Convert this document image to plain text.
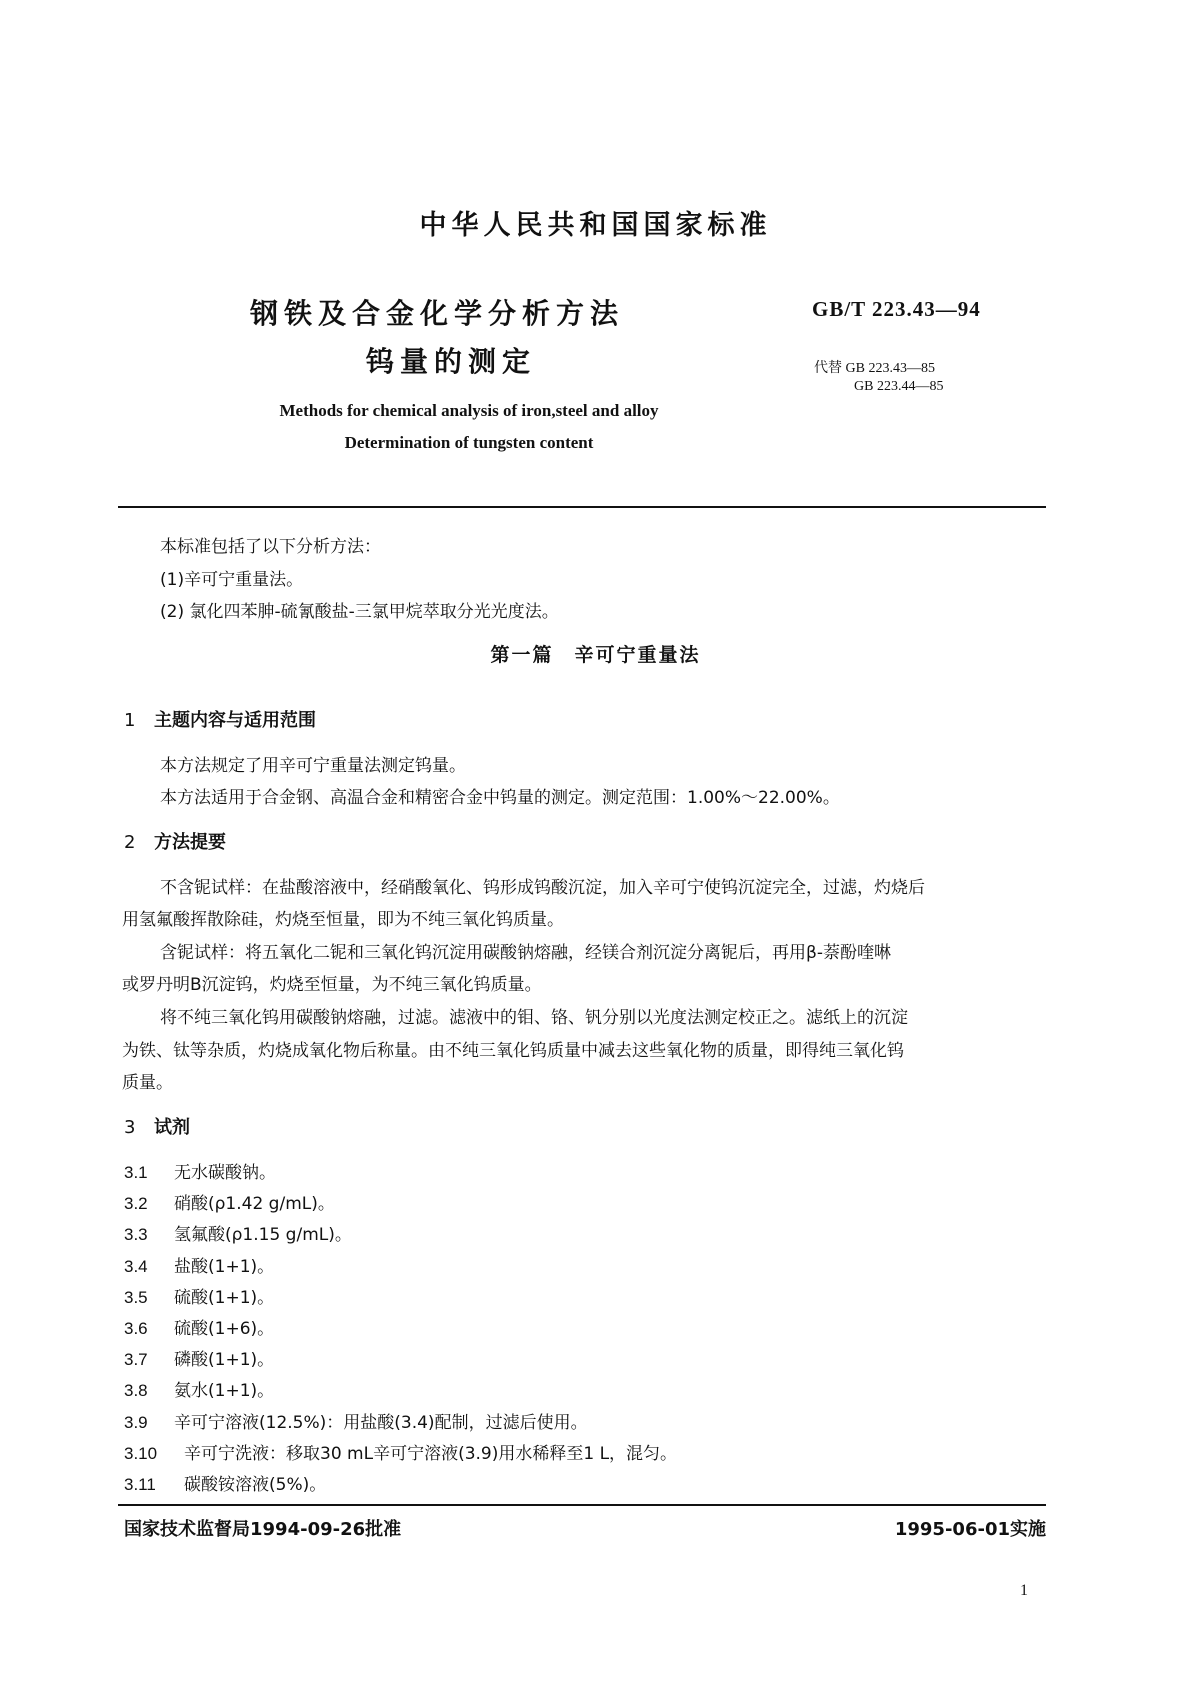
中华人民共和国国家标准
钢铁及合金化学分析方法
钨量的测定
GB/T 223.43—94
代替 GB 223.43—85
GB 223.44—85
Methods for chemical analysis of iron,steel and alloy
Determination of tungsten content
本标准包括了以下分析方法：
(1)辛可宁重量法。
(2) 氯化四苯胂-硫氰酸盐-三氯甲烷萃取分光光度法。
第一篇　辛可宁重量法
1 主题内容与适用范围
本方法规定了用辛可宁重量法测定钨量。
本方法适用于合金钢、高温合金和精密合金中钨量的测定。测定范围：1.00%～22.00%。
2 方法提要
不含铌试样：在盐酸溶液中，经硝酸氧化、钨形成钨酸沉淀，加入辛可宁使钨沉淀完全，过滤，灼烧后
用氢氟酸挥散除硅，灼烧至恒量，即为不纯三氧化钨质量。
含铌试样：将五氧化二铌和三氧化钨沉淀用碳酸钠熔融，经镁合剂沉淀分离铌后，再用β-萘酚喹啉
或罗丹明B沉淀钨，灼烧至恒量，为不纯三氧化钨质量。
将不纯三氧化钨用碳酸钠熔融，过滤。滤液中的钼、铬、钒分别以光度法测定校正之。滤纸上的沉淀
为铁、钛等杂质，灼烧成氧化物后称量。由不纯三氧化钨质量中减去这些氧化物的质量，即得纯三氧化钨
质量。
3 试剂
3.1 无水碳酸钠。
3.2 硝酸(ρ1.42 g/mL)。
3.3 氢氟酸(ρ1.15 g/mL)。
3.4 盐酸(1+1)。
3.5 硫酸(1+1)。
3.6 硫酸(1+6)。
3.7 磷酸(1+1)。
3.8 氨水(1+1)。
3.9 辛可宁溶液(12.5%)：用盐酸(3.4)配制，过滤后使用。
3.10 辛可宁洗液：移取30 mL辛可宁溶液(3.9)用水稀释至1 L，混匀。
3.11 碳酸铵溶液(5%)。
国家技术监督局1994-09-26批准	1995-06-01实施
1
